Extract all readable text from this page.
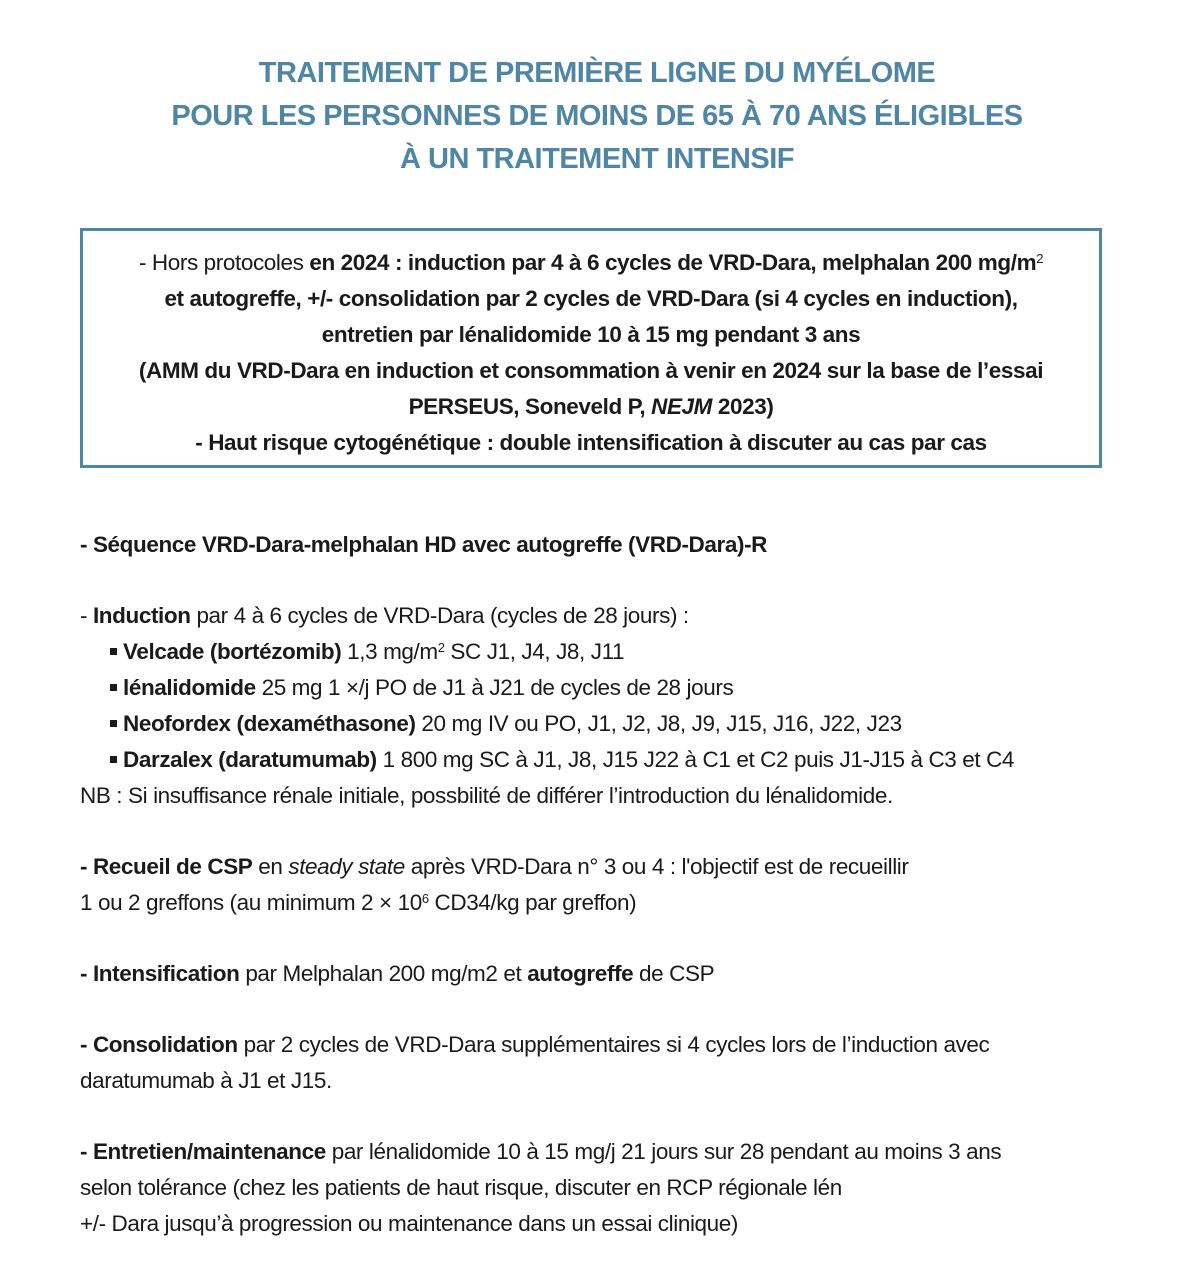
TRAITEMENT DE PREMIÈRE LIGNE DU MYÉLOME
POUR LES PERSONNES DE MOINS DE 65 À 70 ANS ÉLIGIBLES
À UN TRAITEMENT INTENSIF
- Hors protocoles en 2024 : induction par 4 à 6 cycles de VRD-Dara, melphalan 200 $mg/m^2$
et autogreffe, +/- consolidation par 2 cycles de VRD-Dara (si 4 cycles en induction),
entretien par lénalidomide 10 à 15 mg pendant 3 ans
(AMM du VRD-Dara en induction et consommation à venir en 2024 sur la base de l’essai
PERSEUS, Soneveld P, NEJM 2023)
- Haut risque cytogénétique : double intensification à discuter au cas par cas
- Séquence VRD-Dara-melphalan HD avec autogreffe (VRD-Dara)-R
- Induction par 4 à 6 cycles de VRD-Dara (cycles de 28 jours) :
Velcade (bortézomib) 1,3 $mg/m^2$ SC J1, J4, J8, J11
lénalidomide 25 mg 1 ×/j PO de J1 à J21 de cycles de 28 jours
Neofordex (dexaméthasone) 20 mg IV ou PO, J1, J2, J8, J9, J15, J16, J22, J23
Darzalex (daratumumab) 1 800 mg SC à J1, J8, J15 J22 à C1 et C2 puis J1-J15 à C3 et C4
NB : Si insuffisance rénale initiale, possbilité de différer l’introduction du lénalidomide.
- Recueil de CSP en steady state après VRD-Dara n° 3 ou 4 : l'objectif est de recueillir
1 ou 2 greffons (au minimum $2 \times 10^6$ CD34/kg par greffon)
- Intensification par Melphalan 200 mg/m2 et autogreffe de CSP
- Consolidation par 2 cycles de VRD-Dara supplémentaires si 4 cycles lors de l’induction avec
daratumumab à J1 et J15.
- Entretien/maintenance par lénalidomide 10 à 15 mg/j 21 jours sur 28 pendant au moins 3 ans
selon tolérance (chez les patients de haut risque, discuter en RCP régionale lén
+/- Dara jusqu’à progression ou maintenance dans un essai clinique)
